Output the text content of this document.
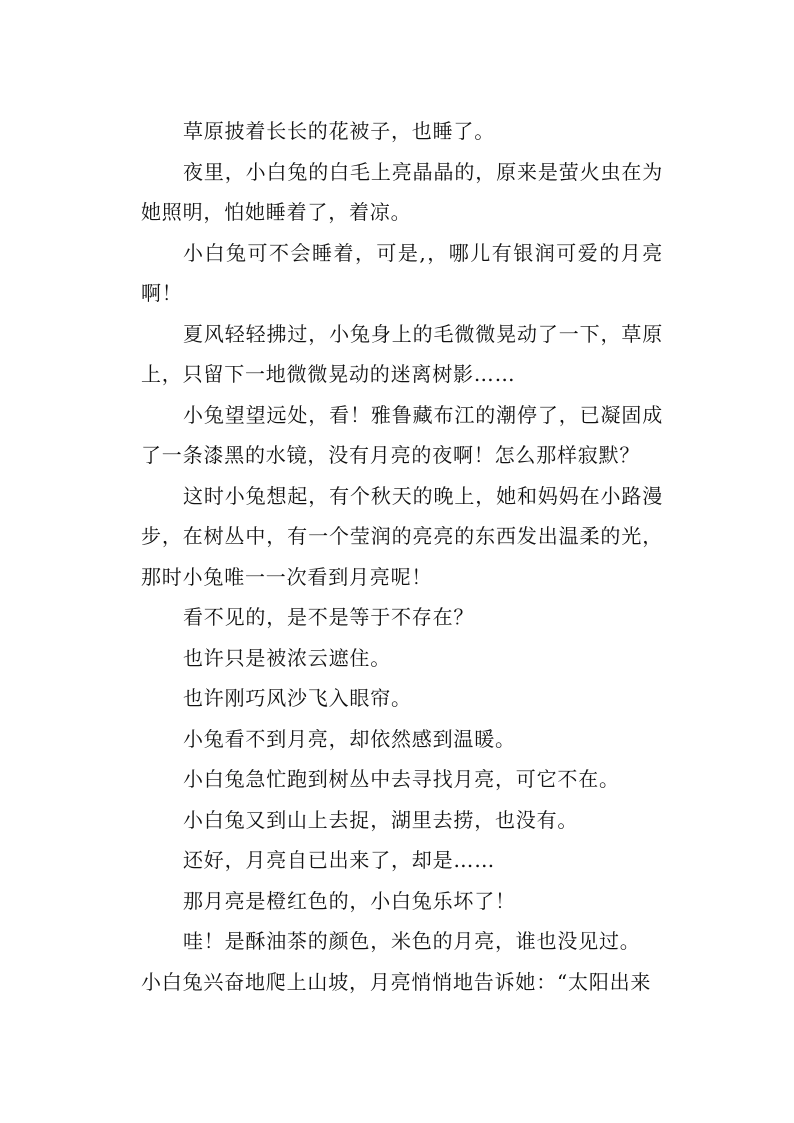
草原披着长长的花被子，也睡了。

夜里，小白兔的白毛上亮晶晶的，原来是萤火虫在为她照明，怕她睡着了，着凉。

小白兔可不会睡着，可是,，哪儿有银润可爱的月亮啊！

夏风轻轻拂过，小兔身上的毛微微晃动了一下，草原上，只留下一地微微晃动的迷离树影……

小兔望望远处，看！雅鲁藏布江的潮停了，已凝固成了一条漆黑的水镜，没有月亮的夜啊！怎么那样寂默？

这时小兔想起，有个秋天的晚上，她和妈妈在小路漫步，在树丛中，有一个莹润的亮亮的东西发出温柔的光，那时小兔唯一一次看到月亮呢！

看不见的，是不是等于不存在？

也许只是被浓云遮住。

也许刚巧风沙飞入眼帘。

小兔看不到月亮，却依然感到温暖。

小白兔急忙跑到树丛中去寻找月亮，可它不在。

小白兔又到山上去捉，湖里去捞，也没有。

还好，月亮自已出来了，却是……

那月亮是橙红色的，小白兔乐坏了！

哇！是酥油茶的颜色，米色的月亮，谁也没见过。

小白兔兴奋地爬上山坡，月亮悄悄地告诉她：“太阳出来
